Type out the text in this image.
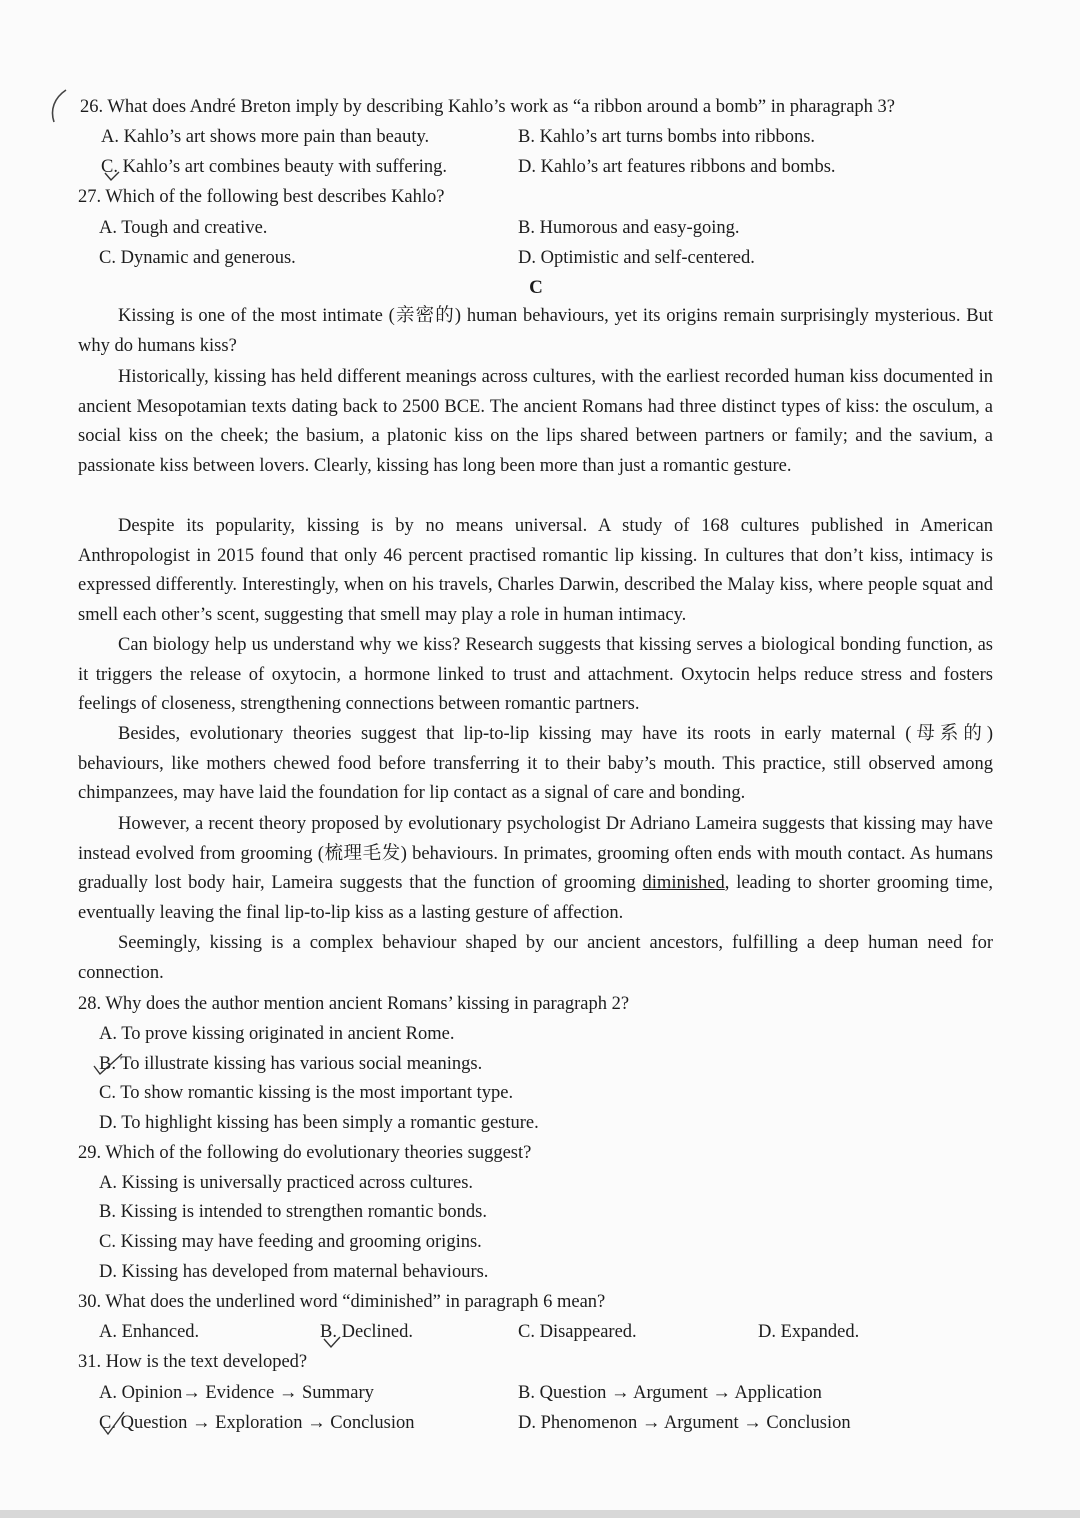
26. What does André Breton imply by describing Kahlo’s work as “a ribbon around a bomb” in pharagraph 3?
A. Kahlo’s art shows more pain than beauty.	B. Kahlo’s art turns bombs into ribbons.
C. Kahlo’s art combines beauty with suffering.	D. Kahlo’s art features ribbons and bombs.
27. Which of the following best describes Kahlo?
A. Tough and creative.	B. Humorous and easy-going.
C. Dynamic and generous.	D. Optimistic and self-centered.
C
Kissing is one of the most intimate (亲密的) human behaviours, yet its origins remain surprisingly mysterious. But why do humans kiss?
Historically, kissing has held different meanings across cultures, with the earliest recorded human kiss documented in ancient Mesopotamian texts dating back to 2500 BCE. The ancient Romans had three distinct types of kiss: the osculum, a social kiss on the cheek; the basium, a platonic kiss on the lips shared between partners or family; and the savium, a passionate kiss between lovers. Clearly, kissing has long been more than just a romantic gesture.
Despite its popularity, kissing is by no means universal. A study of 168 cultures published in American Anthropologist in 2015 found that only 46 percent practised romantic lip kissing. In cultures that don’t kiss, intimacy is expressed differently. Interestingly, when on his travels, Charles Darwin, described the Malay kiss, where people squat and smell each other’s scent, suggesting that smell may play a role in human intimacy.
Can biology help us understand why we kiss? Research suggests that kissing serves a biological bonding function, as it triggers the release of oxytocin, a hormone linked to trust and attachment. Oxytocin helps reduce stress and fosters feelings of closeness, strengthening connections between romantic partners.
Besides, evolutionary theories suggest that lip-to-lip kissing may have its roots in early maternal (母系的) behaviours, like mothers chewed food before transferring it to their baby’s mouth. This practice, still observed among chimpanzees, may have laid the foundation for lip contact as a signal of care and bonding.
However, a recent theory proposed by evolutionary psychologist Dr Adriano Lameira suggests that kissing may have instead evolved from grooming (梳理毛发) behaviours. In primates, grooming often ends with mouth contact. As humans gradually lost body hair, Lameira suggests that the function of grooming diminished, leading to shorter grooming time, eventually leaving the final lip-to-lip kiss as a lasting gesture of affection.
Seemingly, kissing is a complex behaviour shaped by our ancient ancestors, fulfilling a deep human need for connection.
28. Why does the author mention ancient Romans’ kissing in paragraph 2?
A. To prove kissing originated in ancient Rome.
B. To illustrate kissing has various social meanings.
C. To show romantic kissing is the most important type.
D. To highlight kissing has been simply a romantic gesture.
29. Which of the following do evolutionary theories suggest?
A. Kissing is universally practiced across cultures.
B. Kissing is intended to strengthen romantic bonds.
C. Kissing may have feeding and grooming origins.
D. Kissing has developed from maternal behaviours.
30. What does the underlined word “diminished” in paragraph 6 mean?
A. Enhanced.	B. Declined.	C. Disappeared.	D. Expanded.
31. How is the text developed?
A. Opinion→ Evidence → Summary	B. Question → Argument → Application
C. Question → Exploration → Conclusion	D. Phenomenon → Argument → Conclusion
